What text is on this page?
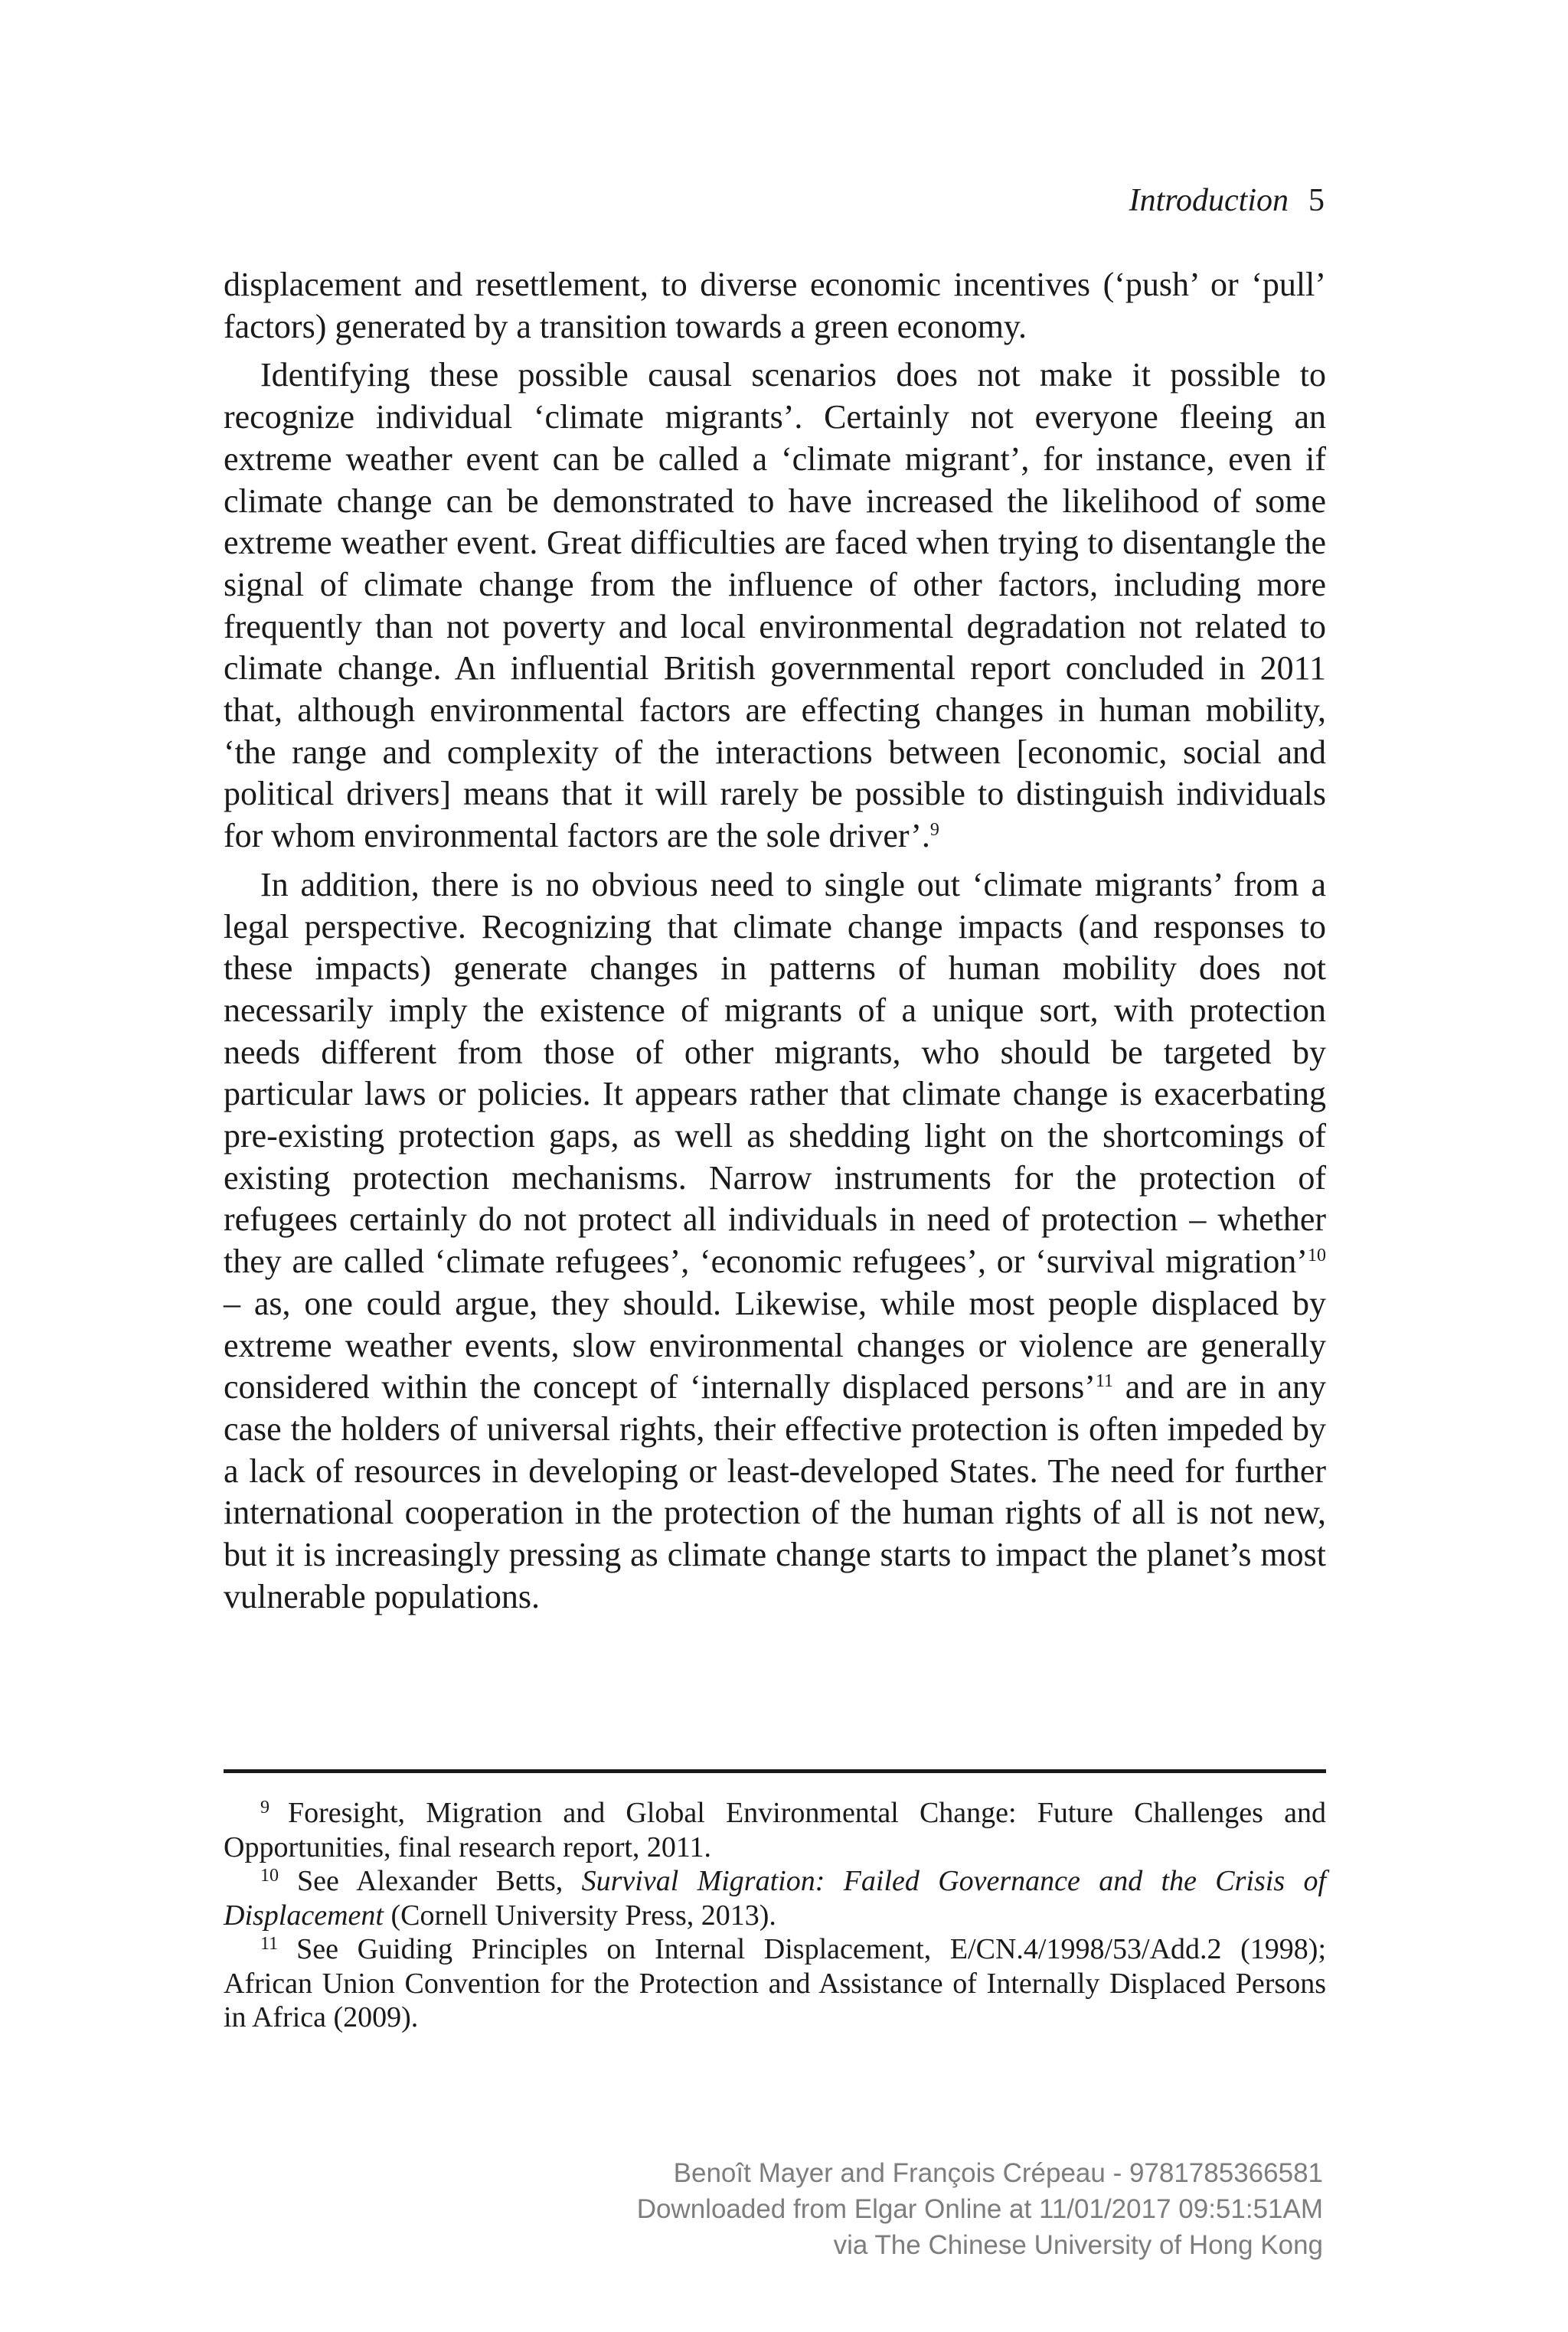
Introduction 5

displacement and resettlement, to diverse economic incentives (‘push’ or ‘pull’ factors) generated by a transition towards a green economy.

Identifying these possible causal scenarios does not make it possible to recognize individual ‘climate migrants’. Certainly not everyone fleeing an extreme weather event can be called a ‘climate migrant’, for instance, even if climate change can be demonstrated to have increased the likelihood of some extreme weather event. Great difficulties are faced when trying to disentangle the signal of climate change from the influence of other factors, including more frequently than not poverty and local environmental degradation not related to climate change. An influential British governmental report concluded in 2011 that, although environmental factors are effecting changes in human mobility, ‘the range and complexity of the interactions between [economic, social and political drivers] means that it will rarely be possible to distinguish individuals for whom environmental factors are the sole driver’.$^9$

In addition, there is no obvious need to single out ‘climate migrants’ from a legal perspective. Recognizing that climate change impacts (and responses to these impacts) generate changes in patterns of human mobility does not necessarily imply the existence of migrants of a unique sort, with protection needs different from those of other migrants, who should be targeted by particular laws or policies. It appears rather that climate change is exacerbating pre-existing protection gaps, as well as shedding light on the shortcomings of existing protection mechanisms. Narrow instruments for the protection of refugees certainly do not protect all individuals in need of protection – whether they are called ‘climate refugees’, ‘economic refugees’, or ‘survival migration’$^{10}$ – as, one could argue, they should. Likewise, while most people displaced by extreme weather events, slow environmental changes or violence are generally considered within the concept of ‘internally displaced persons’$^{11}$ and are in any case the holders of universal rights, their effective protection is often impeded by a lack of resources in developing or least-developed States. The need for further international cooperation in the protection of the human rights of all is not new, but it is increasingly pressing as climate change starts to impact the planet’s most vulnerable populations.

$^9$ Foresight, Migration and Global Environmental Change: Future Challenges and Opportunities, final research report, 2011.

$^{10}$ See Alexander Betts, Survival Migration: Failed Governance and the Crisis of Displacement (Cornell University Press, 2013).

$^{11}$ See Guiding Principles on Internal Displacement, E/CN.4/1998/53/Add.2 (1998); African Union Convention for the Protection and Assistance of Internally Displaced Persons in Africa (2009).

Benoît Mayer and François Crépeau - 9781785366581
Downloaded from Elgar Online at 11/01/2017 09:51:51AM
via The Chinese University of Hong Kong
